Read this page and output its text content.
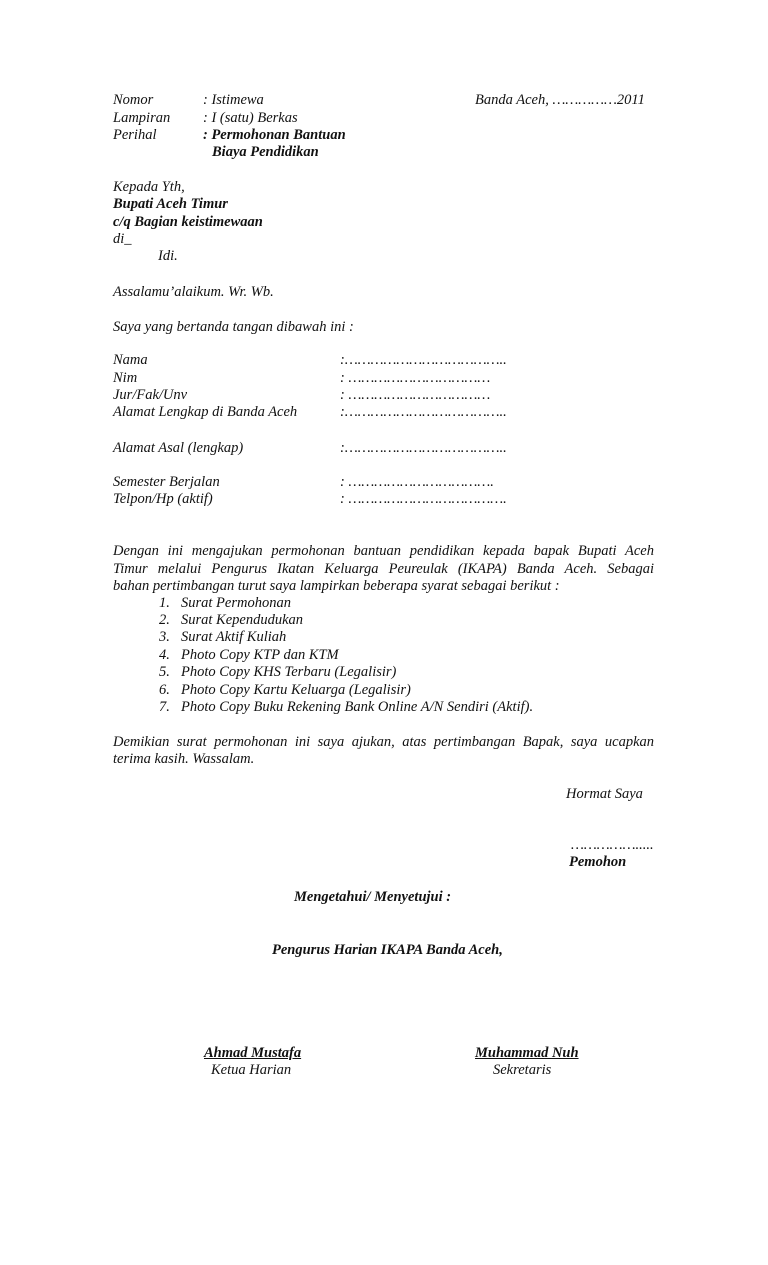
Nomor	: Istimewa	Banda Aceh, ……………2011
Lampiran : I (satu) Berkas
Perihal	: Permohonan Bantuan
Biaya Pendidikan
Kepada Yth,
Bupati Aceh Timur
c/q Bagian keistimewaan
di_
Idi.
Assalamu’alaikum. Wr. Wb.
Saya yang bertanda tangan dibawah ini :
Nama	:………………………………..
Nim	: ……………………………
Jur/Fak/Unv	: ……………………………
Alamat Lengkap di Banda Aceh	:………………………………..
Alamat Asal (lengkap)	:………………………………..
Semester Berjalan	: …………………………….
Telpon/Hp (aktif)	: ……………………………….
Dengan ini mengajukan permohonan bantuan pendidikan kepada bapak Bupati Aceh
Timur melalui Pengurus Ikatan Keluarga Peureulak (IKAPA) Banda Aceh. Sebagai
bahan pertimbangan turut saya lampirkan beberapa syarat sebagai berikut :
1. Surat Permohonan
2. Surat Kependudukan
3. Surat Aktif Kuliah
4. Photo Copy KTP dan KTM
5. Photo Copy KHS Terbaru (Legalisir)
6. Photo Copy Kartu Keluarga (Legalisir)
7. Photo Copy Buku Rekening Bank Online A/N Sendiri (Aktif).
Demikian surat permohonan ini saya ajukan, atas pertimbangan Bapak, saya ucapkan
terima kasih. Wassalam.
Hormat Saya
…………….....
Pemohon
Mengetahui/ Menyetujui :
Pengurus Harian IKAPA Banda Aceh,
Ahmad Mustafa
Ketua Harian
Muhammad Nuh
Sekretaris
